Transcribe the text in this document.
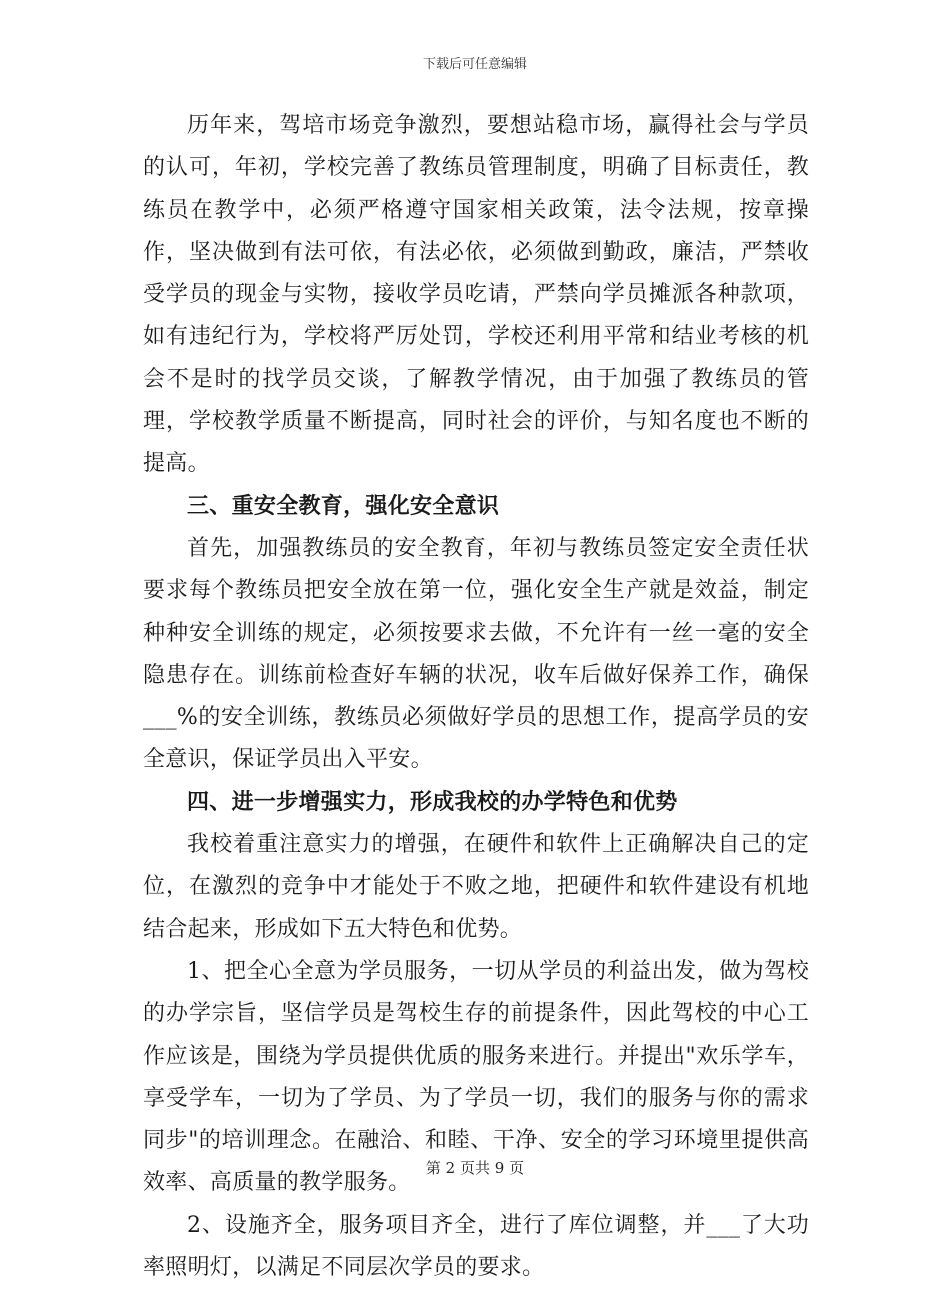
下载后可任意编辑

历年来，驾培市场竞争激烈，要想站稳市场，赢得社会与学员的认可，年初，学校完善了教练员管理制度，明确了目标责任，教练员在教学中，必须严格遵守国家相关政策，法令法规，按章操作，坚决做到有法可依，有法必依，必须做到勤政，廉洁，严禁收受学员的现金与实物，接收学员吃请，严禁向学员摊派各种款项，如有违纪行为，学校将严厉处罚，学校还利用平常和结业考核的机会不是时的找学员交谈，了解教学情况，由于加强了教练员的管理，学校教学质量不断提高，同时社会的评价，与知名度也不断的提高。

三、重安全教育，强化安全意识

首先，加强教练员的安全教育，年初与教练员签定安全责任状要求每个教练员把安全放在第一位，强化安全生产就是效益，制定种种安全训练的规定，必须按要求去做，不允许有一丝一毫的安全隐患存在。训练前检查好车辆的状况，收车后做好保养工作，确保___%的安全训练，教练员必须做好学员的思想工作，提高学员的安全意识，保证学员出入平安。

四、进一步增强实力，形成我校的办学特色和优势

我校着重注意实力的增强，在硬件和软件上正确解决自己的定位，在激烈的竞争中才能处于不败之地，把硬件和软件建设有机地结合起来，形成如下五大特色和优势。

1、把全心全意为学员服务，一切从学员的利益出发，做为驾校的办学宗旨，坚信学员是驾校生存的前提条件，因此驾校的中心工作应该是，围绕为学员提供优质的服务来进行。并提出"欢乐学车，享受学车，一切为了学员、为了学员一切，我们的服务与你的需求同步"的培训理念。在融洽、和睦、干净、安全的学习环境里提供高效率、高质量的教学服务。

2、设施齐全，服务项目齐全，进行了库位调整，并___了大功率照明灯，以满足不同层次学员的要求。

第 2 页共 9 页
